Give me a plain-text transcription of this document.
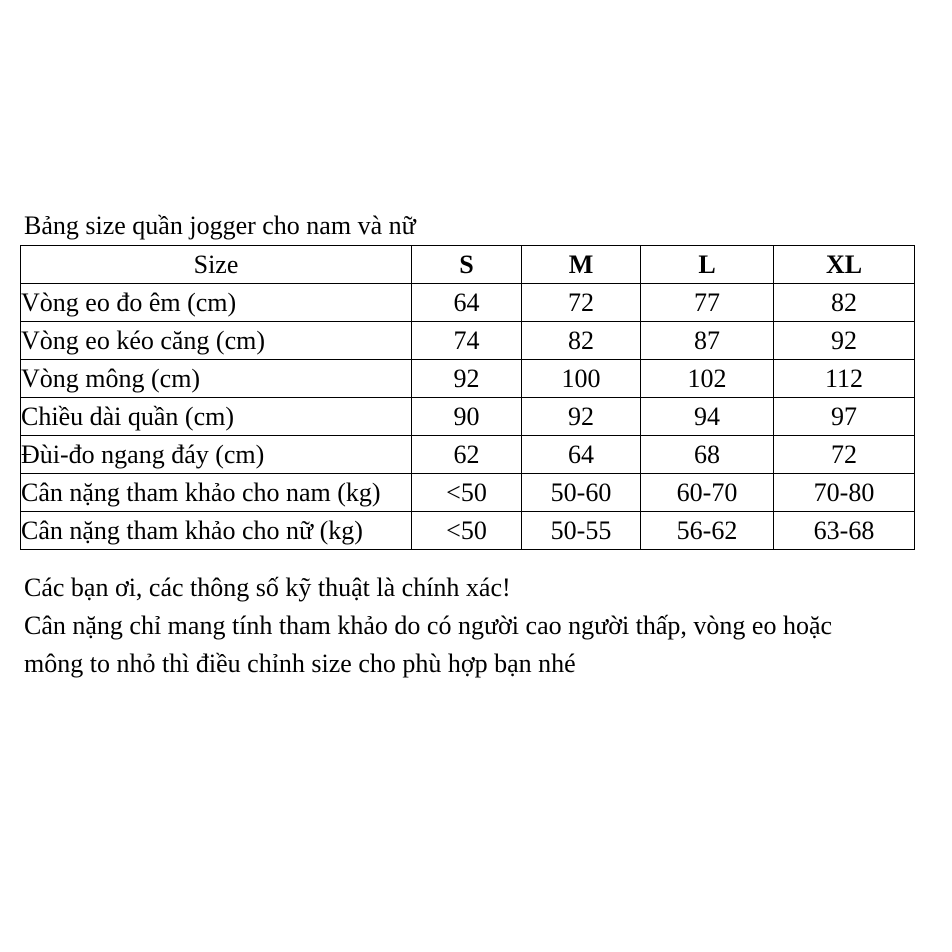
Bảng size quần jogger cho nam và nữ
Size	S	M	L	XL
Vòng eo đo êm (cm)	64	72	77	82
Vòng eo kéo căng (cm)	74	82	87	92
Vòng mông (cm)	92	100	102	112
Chiều dài quần (cm)	90	92	94	97
Đùi-đo ngang đáy (cm)	62	64	68	72
Cân nặng tham khảo cho nam (kg)	<50	50-60	60-70	70-80
Cân nặng tham khảo cho nữ (kg)	<50	50-55	56-62	63-68
Các bạn ơi, các thông số kỹ thuật là chính xác!
Cân nặng chỉ mang tính tham khảo do có người cao người thấp, vòng eo hoặc
mông to nhỏ thì điều chỉnh size cho phù hợp bạn nhé
